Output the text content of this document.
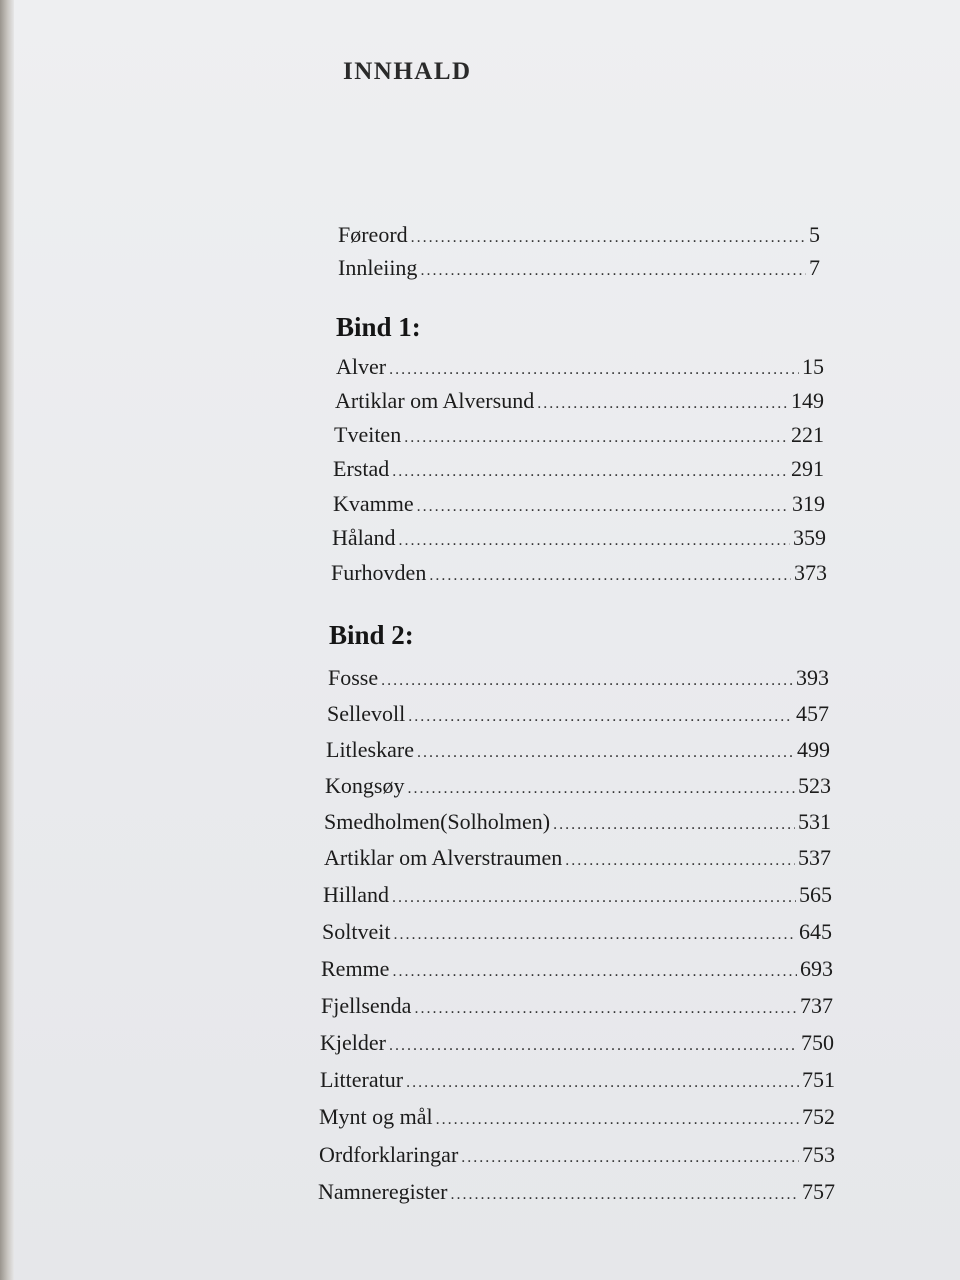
INNHALD
Føreord .....	5
Innleiing .....	7
Bind 1:
Alver .....	15
Artiklar om Alversund .....	149
Tveiten .....	221
Erstad .....	291
Kvamme .....	319
Håland .....	359
Furhovden .....	373
Bind 2:
Fosse .....	393
Sellevoll .....	457
Litleskare .....	499
Kongsøy .....	523
Smedholmen(Solholmen) .....	531
Artiklar om Alverstraumen .....	537
Hilland .....	565
Soltveit .....	645
Remme .....	693
Fjellsenda .....	737
Kjelder .....	750
Litteratur .....	751
Mynt og mål .....	752
Ordforklaringar .....	753
Namneregister .....	757
